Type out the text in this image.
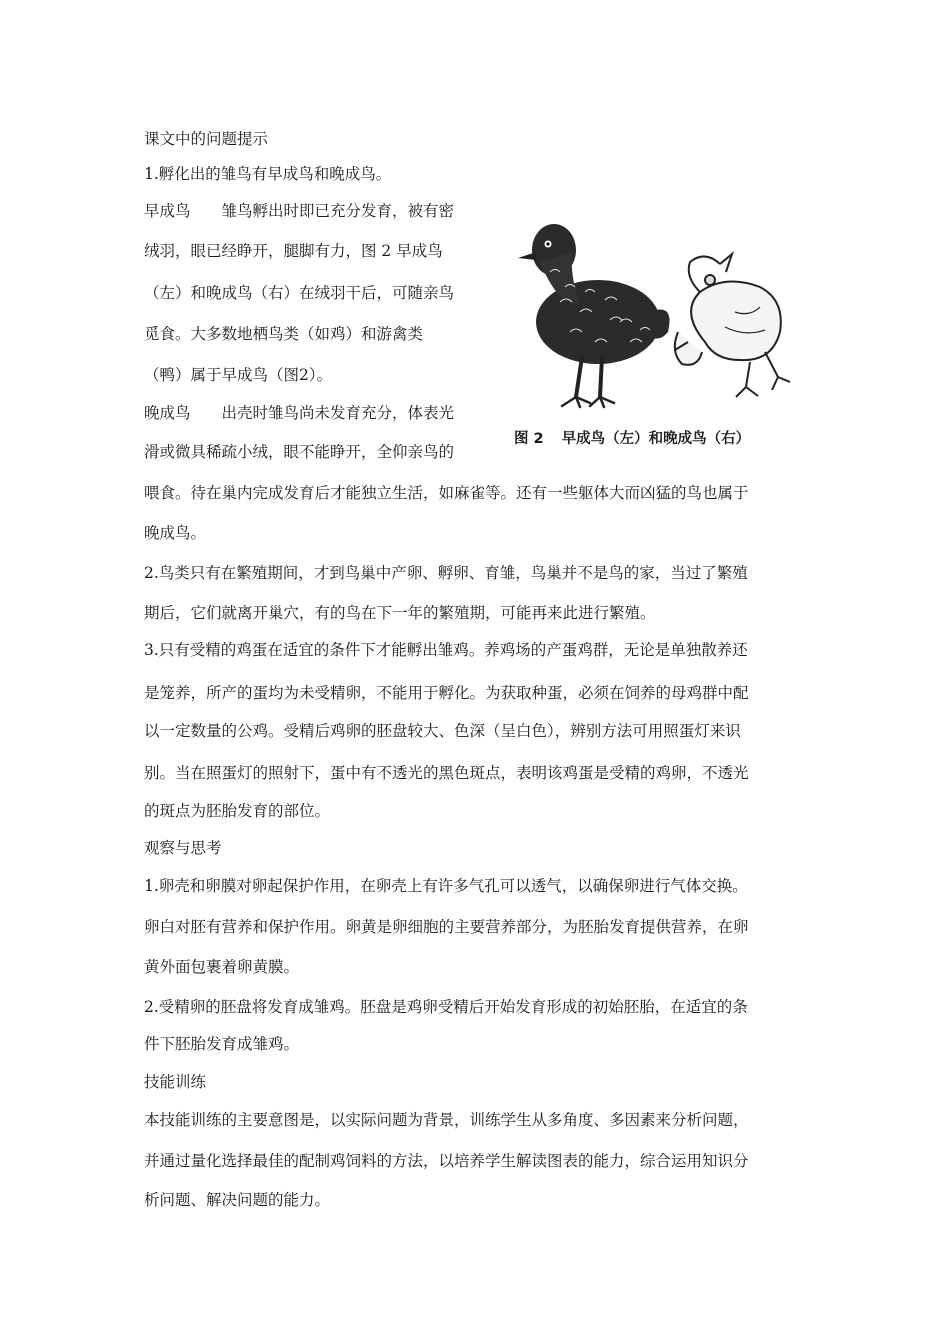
课文中的问题提示
1.孵化出的雏鸟有早成鸟和晚成鸟。
早成鸟　　雏鸟孵出时即已充分发育，被有密
绒羽，眼已经睁开，腿脚有力，图 2 早成鸟
（左）和晚成鸟（右）在绒羽干后，可随亲鸟
觅食。大多数地栖鸟类（如鸡）和游禽类
（鸭）属于早成鸟（图2）。
晚成鸟　　出壳时雏鸟尚未发育充分，体表光
滑或微具稀疏小绒，眼不能睁开，全仰亲鸟的
喂食。待在巢内完成发育后才能独立生活，如麻雀等。还有一些躯体大而凶猛的鸟也属于
晚成鸟。
2.鸟类只有在繁殖期间，才到鸟巢中产卵、孵卵、育雏，鸟巢并不是鸟的家，当过了繁殖
期后，它们就离开巢穴，有的鸟在下一年的繁殖期，可能再来此进行繁殖。
3.只有受精的鸡蛋在适宜的条件下才能孵出雏鸡。养鸡场的产蛋鸡群，无论是单独散养还
是笼养，所产的蛋均为未受精卵，不能用于孵化。为获取种蛋，必须在饲养的母鸡群中配
以一定数量的公鸡。受精后鸡卵的胚盘较大、色深（呈白色），辨别方法可用照蛋灯来识
别。当在照蛋灯的照射下，蛋中有不透光的黑色斑点，表明该鸡蛋是受精的鸡卵，不透光
的斑点为胚胎发育的部位。
观察与思考
1.卵壳和卵膜对卵起保护作用，在卵壳上有许多气孔可以透气，以确保卵进行气体交换。
卵白对胚有营养和保护作用。卵黄是卵细胞的主要营养部分，为胚胎发育提供营养，在卵
黄外面包裹着卵黄膜。
2.受精卵的胚盘将发育成雏鸡。胚盘是鸡卵受精后开始发育形成的初始胚胎，在适宜的条
件下胚胎发育成雏鸡。
技能训练
本技能训练的主要意图是，以实际问题为背景，训练学生从多角度、多因素来分析问题，
并通过量化选择最佳的配制鸡饲料的方法，以培养学生解读图表的能力，综合运用知识分
析问题、解决问题的能力。
图 2 早成鸟（左）和晚成鸟（右）
